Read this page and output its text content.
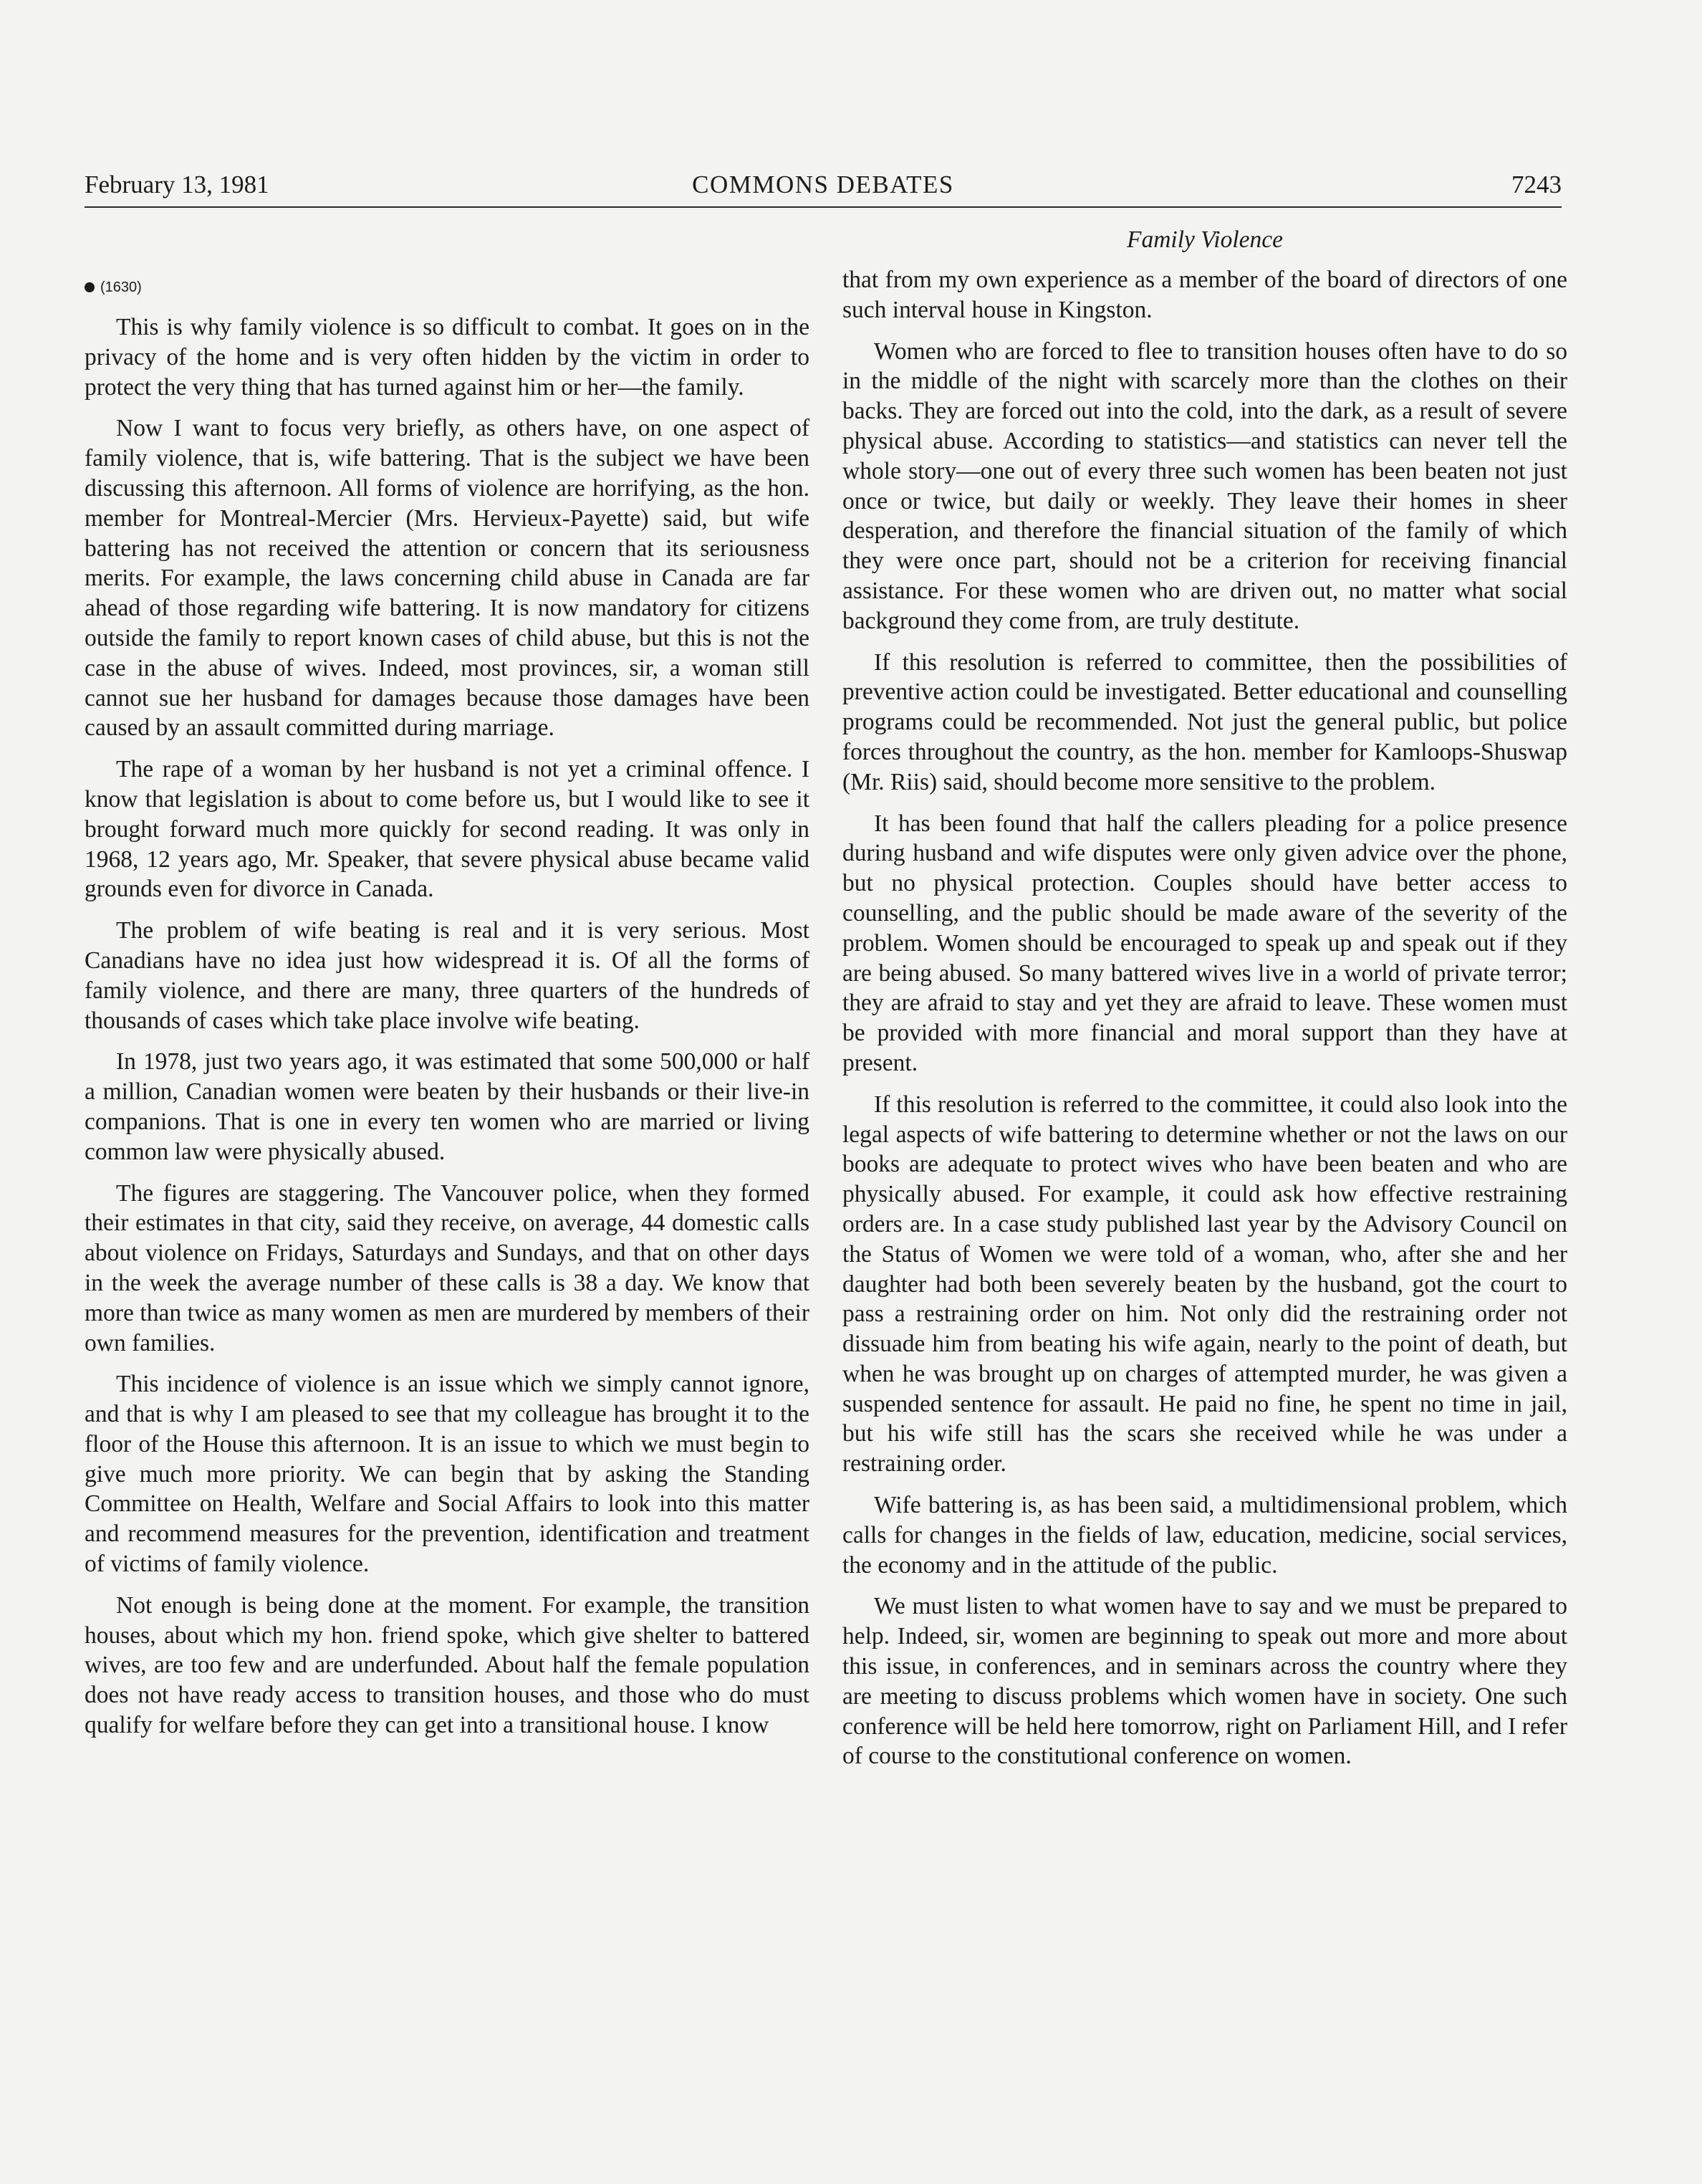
February 13, 1981	COMMONS DEBATES	7243
Family Violence
(1630)

This is why family violence is so difficult to combat. It goes on in the privacy of the home and is very often hidden by the victim in order to protect the very thing that has turned against him or her—the family.

Now I want to focus very briefly, as others have, on one aspect of family violence, that is, wife battering. That is the subject we have been discussing this afternoon. All forms of violence are horrifying, as the hon. member for Montreal-Mercier (Mrs. Hervieux-Payette) said, but wife battering has not received the attention or concern that its seriousness merits. For example, the laws concerning child abuse in Canada are far ahead of those regarding wife battering. It is now mandatory for citizens outside the family to report known cases of child abuse, but this is not the case in the abuse of wives. Indeed, most provinces, sir, a woman still cannot sue her husband for damages because those damages have been caused by an assault committed during marriage.

The rape of a woman by her husband is not yet a criminal offence. I know that legislation is about to come before us, but I would like to see it brought forward much more quickly for second reading. It was only in 1968, 12 years ago, Mr. Speaker, that severe physical abuse became valid grounds even for divorce in Canada.

The problem of wife beating is real and it is very serious. Most Canadians have no idea just how widespread it is. Of all the forms of family violence, and there are many, three quarters of the hundreds of thousands of cases which take place involve wife beating.

In 1978, just two years ago, it was estimated that some 500,000 or half a million, Canadian women were beaten by their husbands or their live-in companions. That is one in every ten women who are married or living common law were physically abused.

The figures are staggering. The Vancouver police, when they formed their estimates in that city, said they receive, on average, 44 domestic calls about violence on Fridays, Saturdays and Sundays, and that on other days in the week the average number of these calls is 38 a day. We know that more than twice as many women as men are murdered by members of their own families.

This incidence of violence is an issue which we simply cannot ignore, and that is why I am pleased to see that my colleague has brought it to the floor of the House this afternoon. It is an issue to which we must begin to give much more priority. We can begin that by asking the Standing Committee on Health, Welfare and Social Affairs to look into this matter and recommend measures for the prevention, identification and treatment of victims of family violence.

Not enough is being done at the moment. For example, the transition houses, about which my hon. friend spoke, which give shelter to battered wives, are too few and are underfunded. About half the female population does not have ready access to transition houses, and those who do must qualify for welfare before they can get into a transitional house. I know

that from my own experience as a member of the board of directors of one such interval house in Kingston.

Women who are forced to flee to transition houses often have to do so in the middle of the night with scarcely more than the clothes on their backs. They are forced out into the cold, into the dark, as a result of severe physical abuse. According to statistics—and statistics can never tell the whole story—one out of every three such women has been beaten not just once or twice, but daily or weekly. They leave their homes in sheer desperation, and therefore the financial situation of the family of which they were once part, should not be a criterion for receiving financial assistance. For these women who are driven out, no matter what social background they come from, are truly destitute.

If this resolution is referred to committee, then the possibilities of preventive action could be investigated. Better educational and counselling programs could be recommended. Not just the general public, but police forces throughout the country, as the hon. member for Kamloops-Shuswap (Mr. Riis) said, should become more sensitive to the problem.

It has been found that half the callers pleading for a police presence during husband and wife disputes were only given advice over the phone, but no physical protection. Couples should have better access to counselling, and the public should be made aware of the severity of the problem. Women should be encouraged to speak up and speak out if they are being abused. So many battered wives live in a world of private terror; they are afraid to stay and yet they are afraid to leave. These women must be provided with more financial and moral support than they have at present.

If this resolution is referred to the committee, it could also look into the legal aspects of wife battering to determine whether or not the laws on our books are adequate to protect wives who have been beaten and who are physically abused. For example, it could ask how effective restraining orders are. In a case study published last year by the Advisory Council on the Status of Women we were told of a woman, who, after she and her daughter had both been severely beaten by the husband, got the court to pass a restraining order on him. Not only did the restraining order not dissuade him from beating his wife again, nearly to the point of death, but when he was brought up on charges of attempted murder, he was given a suspended sentence for assault. He paid no fine, he spent no time in jail, but his wife still has the scars she received while he was under a restraining order.

Wife battering is, as has been said, a multidimensional problem, which calls for changes in the fields of law, education, medicine, social services, the economy and in the attitude of the public.

We must listen to what women have to say and we must be prepared to help. Indeed, sir, women are beginning to speak out more and more about this issue, in conferences, and in seminars across the country where they are meeting to discuss problems which women have in society. One such conference will be held here tomorrow, right on Parliament Hill, and I refer of course to the constitutional conference on women.
